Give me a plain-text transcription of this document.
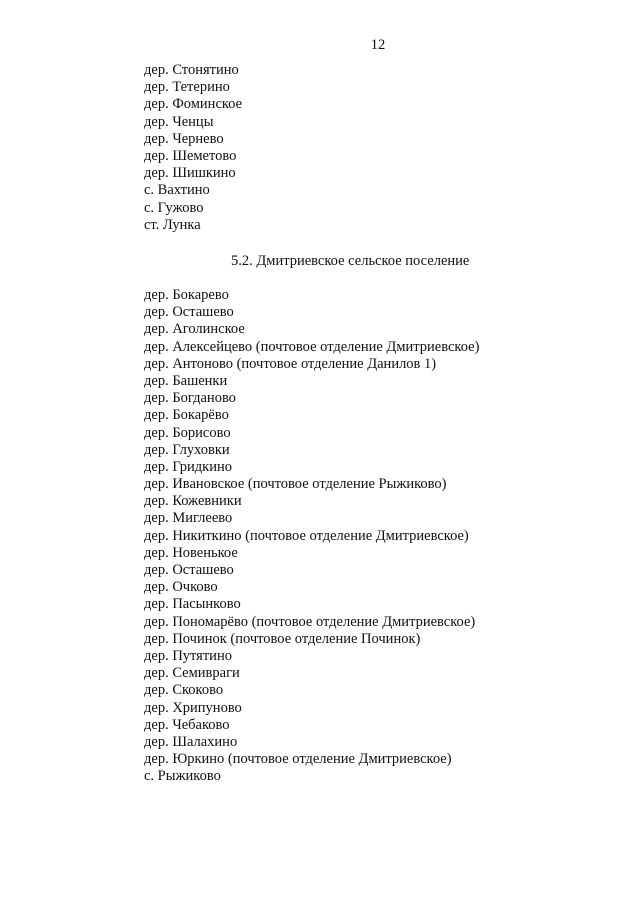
12
дер. Стонятино
дер. Тетерино
дер. Фоминское
дер. Ченцы
дер. Чернево
дер. Шеметово
дер. Шишкино
с. Вахтино
с. Гужово
ст. Лунка
5.2. Дмитриевское сельское поселение
дер. Бокарево
дер. Осташево
дер. Аголинское
дер. Алексейцево (почтовое отделение Дмитриевское)
дер. Антоново (почтовое отделение Данилов 1)
дер. Башенки
дер. Богданово
дер. Бокарёво
дер. Борисово
дер. Глуховки
дер. Гридкино
дер. Ивановское (почтовое отделение Рыжиково)
дер. Кожевники
дер. Миглеево
дер. Никиткино (почтовое отделение Дмитриевское)
дер. Новенькое
дер. Осташево
дер. Очково
дер. Пасынково
дер. Пономарёво (почтовое отделение Дмитриевское)
дер. Починок (почтовое отделение Починок)
дер. Путятино
дер. Семивраги
дер. Скоково
дер. Хрипуново
дер. Чебаково
дер. Шалахино
дер. Юркино (почтовое отделение Дмитриевское)
с. Рыжиково
